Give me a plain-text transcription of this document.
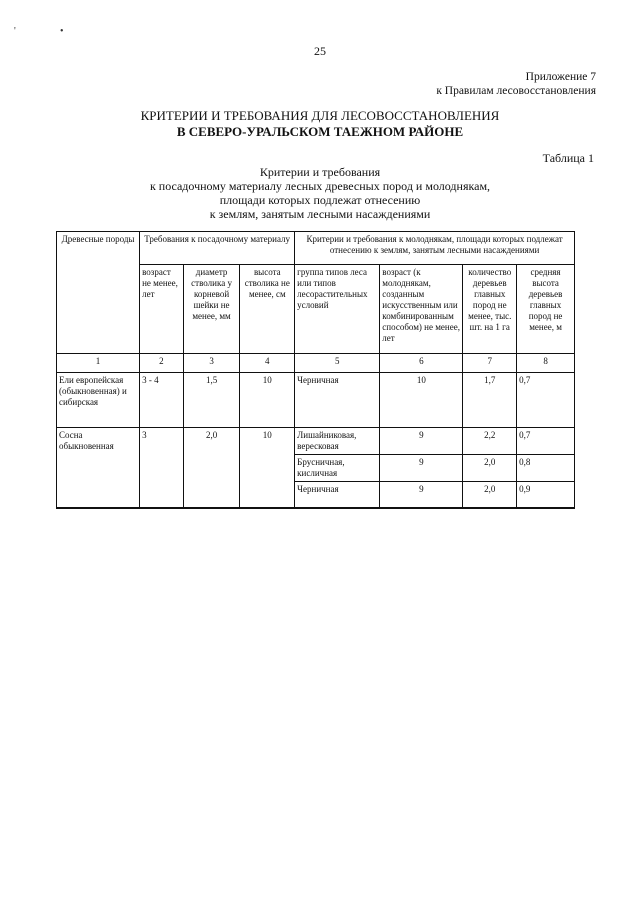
'	•
25
Приложение 7
к Правилам лесовосстановления
КРИТЕРИИ И ТРЕБОВАНИЯ ДЛЯ ЛЕСОВОССТАНОВЛЕНИЯ
В СЕВЕРО-УРАЛЬСКОМ ТАЕЖНОМ РАЙОНЕ
Таблица 1
Критерии и требования
к посадочному материалу лесных древесных пород и молоднякам,
площади которых подлежат отнесению
к землям, занятым лесными насаждениями
Древесные породы	Требования к посадочному материалу			Критерии и требования к молоднякам, площади которых подлежат отнесению к землям, занятым лесными насаждениями			
	возраст не менее, лет	диаметр стволика у корневой шейки не менее, мм	высота стволика не менее, см	группа типов леса или типов лесорастительных условий	возраст (к молоднякам, созданным искусственным или комбинированным способом) не менее, лет	количество деревьев главных пород не менее, тыс. шт. на 1 га	средняя высота деревьев главных пород не менее, м
1	2	3	4	5	6	7	8
Ели европейская (обыкновенная) и сибирская	3 - 4	1,5	10	Черничная	10	1,7	0,7
Сосна обыкновенная	3	2,0	10	Лишайниковая, вересковая	9	2,2	0,7
				Брусничная, кисличная	9	2,0	0,8
				Черничная	9	2,0	0,9
